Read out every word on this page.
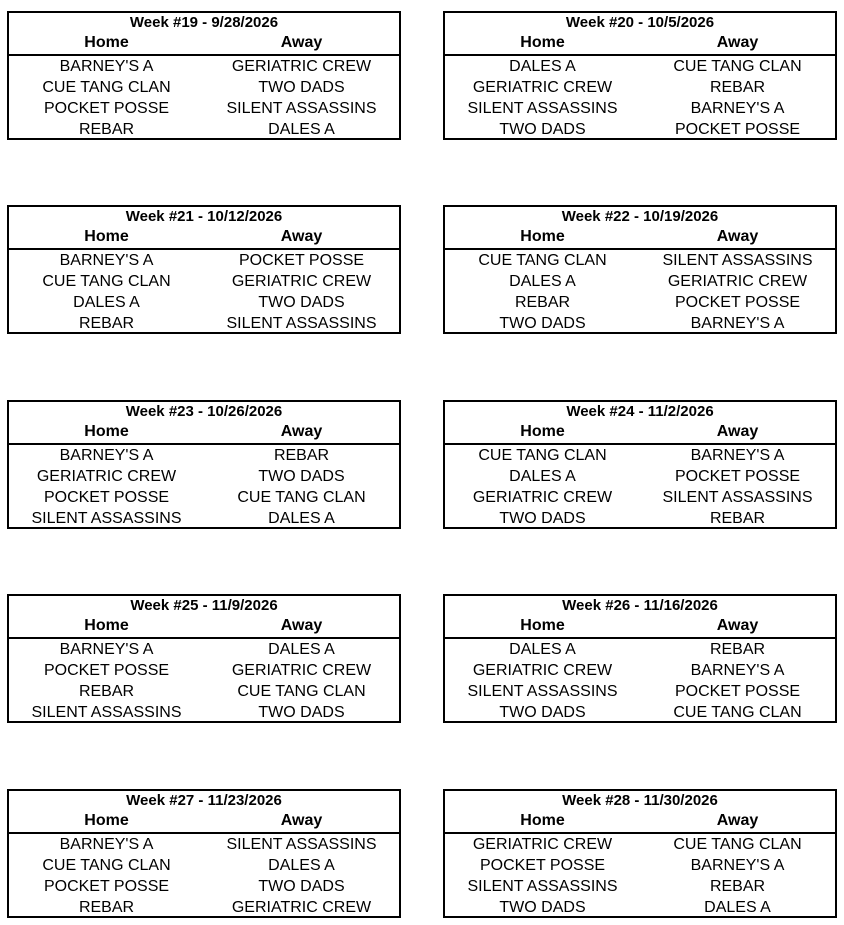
Week #19 - 9/28/2026
Home	Away
BARNEY'S A	GERIATRIC CREW
CUE TANG CLAN	TWO DADS
POCKET POSSE	SILENT ASSASSINS
REBAR	DALES A
Week #20 - 10/5/2026
Home	Away
DALES A	CUE TANG CLAN
GERIATRIC CREW	REBAR
SILENT ASSASSINS	BARNEY'S A
TWO DADS	POCKET POSSE
Week #21 - 10/12/2026
Home	Away
BARNEY'S A	POCKET POSSE
CUE TANG CLAN	GERIATRIC CREW
DALES A	TWO DADS
REBAR	SILENT ASSASSINS
Week #22 - 10/19/2026
Home	Away
CUE TANG CLAN	SILENT ASSASSINS
DALES A	GERIATRIC CREW
REBAR	POCKET POSSE
TWO DADS	BARNEY'S A
Week #23 - 10/26/2026
Home	Away
BARNEY'S A	REBAR
GERIATRIC CREW	TWO DADS
POCKET POSSE	CUE TANG CLAN
SILENT ASSASSINS	DALES A
Week #24 - 11/2/2026
Home	Away
CUE TANG CLAN	BARNEY'S A
DALES A	POCKET POSSE
GERIATRIC CREW	SILENT ASSASSINS
TWO DADS	REBAR
Week #25 - 11/9/2026
Home	Away
BARNEY'S A	DALES A
POCKET POSSE	GERIATRIC CREW
REBAR	CUE TANG CLAN
SILENT ASSASSINS	TWO DADS
Week #26 - 11/16/2026
Home	Away
DALES A	REBAR
GERIATRIC CREW	BARNEY'S A
SILENT ASSASSINS	POCKET POSSE
TWO DADS	CUE TANG CLAN
Week #27 - 11/23/2026
Home	Away
BARNEY'S A	SILENT ASSASSINS
CUE TANG CLAN	DALES A
POCKET POSSE	TWO DADS
REBAR	GERIATRIC CREW
Week #28 - 11/30/2026
Home	Away
GERIATRIC CREW	CUE TANG CLAN
POCKET POSSE	BARNEY'S A
SILENT ASSASSINS	REBAR
TWO DADS	DALES A
